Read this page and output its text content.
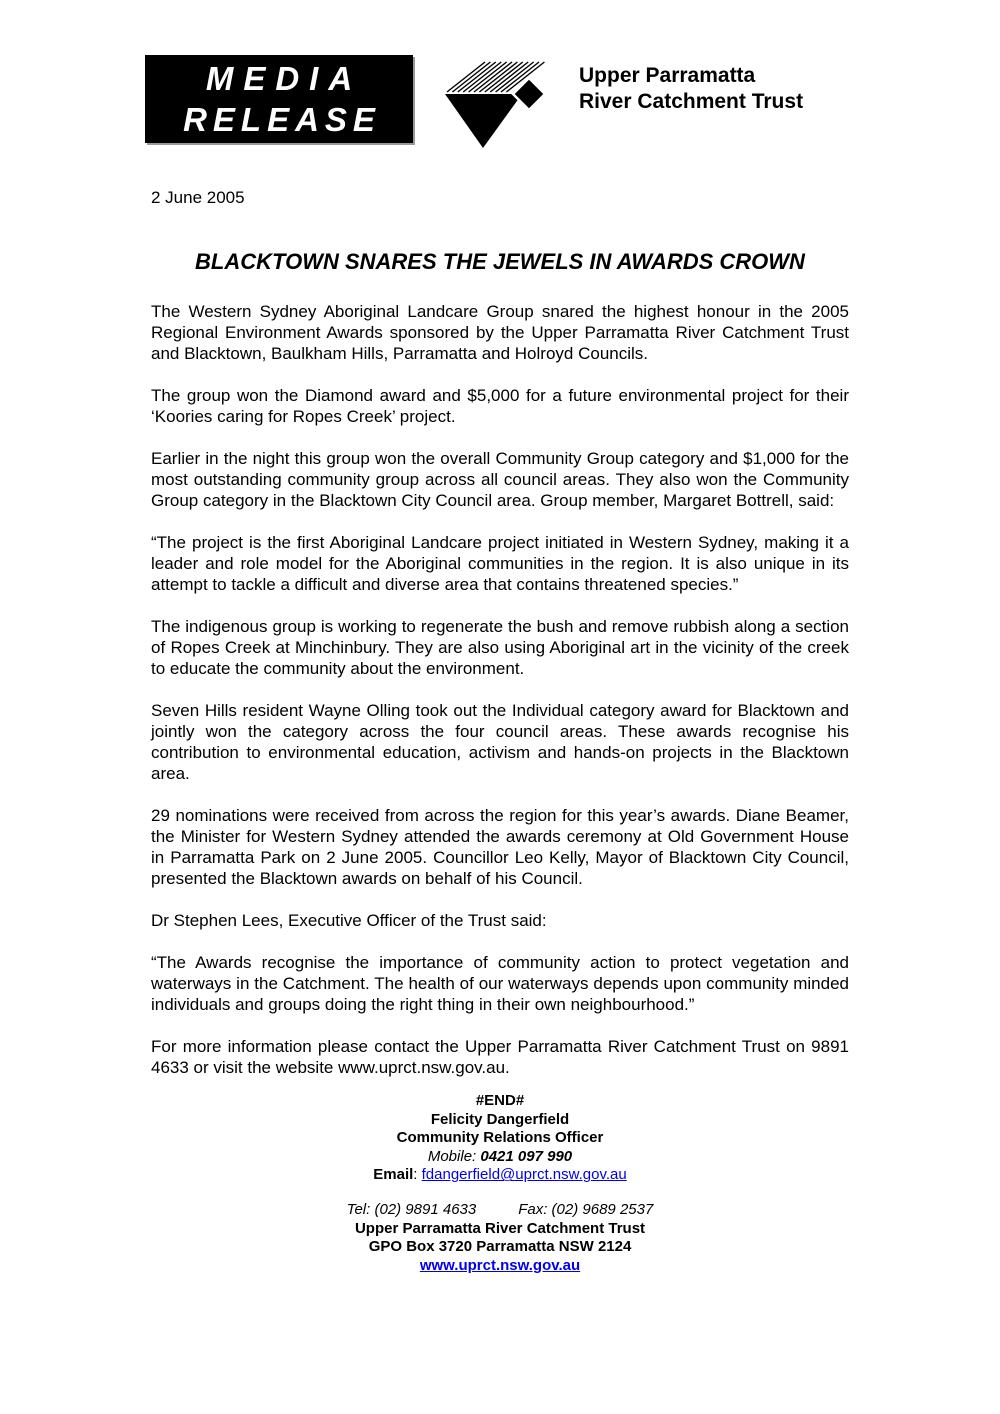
MEDIA
RELEASE
Upper Parramatta
River Catchment Trust
2 June 2005
BLACKTOWN SNARES THE JEWELS IN AWARDS CROWN

The Western Sydney Aboriginal Landcare Group snared the highest honour in the 2005 Regional Environment Awards sponsored by the Upper Parramatta River Catchment Trust and Blacktown, Baulkham Hills, Parramatta and Holroyd Councils.

The group won the Diamond award and $5,000 for a future environmental project for their ‘Koories caring for Ropes Creek’ project.

Earlier in the night this group won the overall Community Group category and $1,000 for the most outstanding community group across all council areas. They also won the Community Group category in the Blacktown City Council area. Group member, Margaret Bottrell, said:

“The project is the first Aboriginal Landcare project initiated in Western Sydney, making it a leader and role model for the Aboriginal communities in the region. It is also unique in its attempt to tackle a difficult and diverse area that contains threatened species.”

The indigenous group is working to regenerate the bush and remove rubbish along a section of Ropes Creek at Minchinbury. They are also using Aboriginal art in the vicinity of the creek to educate the community about the environment.

Seven Hills resident Wayne Olling took out the Individual category award for Blacktown and jointly won the category across the four council areas. These awards recognise his contribution to environmental education, activism and hands-on projects in the Blacktown area.

29 nominations were received from across the region for this year’s awards. Diane Beamer, the Minister for Western Sydney attended the awards ceremony at Old Government House in Parramatta Park on 2 June 2005. Councillor Leo Kelly, Mayor of Blacktown City Council, presented the Blacktown awards on behalf of his Council.

Dr Stephen Lees, Executive Officer of the Trust said:

“The Awards recognise the importance of community action to protect vegetation and waterways in the Catchment. The health of our waterways depends upon community minded individuals and groups doing the right thing in their own neighbourhood.”

For more information please contact the Upper Parramatta River Catchment Trust on 9891 4633 or visit the website www.uprct.nsw.gov.au.

#END#
Felicity Dangerfield
Community Relations Officer
Mobile: 0421 097 990
Email: fdangerfield@uprct.nsw.gov.au
Tel: (02) 9891 4633	Fax: (02) 9689 2537
Upper Parramatta River Catchment Trust
GPO Box 3720 Parramatta NSW 2124
www.uprct.nsw.gov.au
